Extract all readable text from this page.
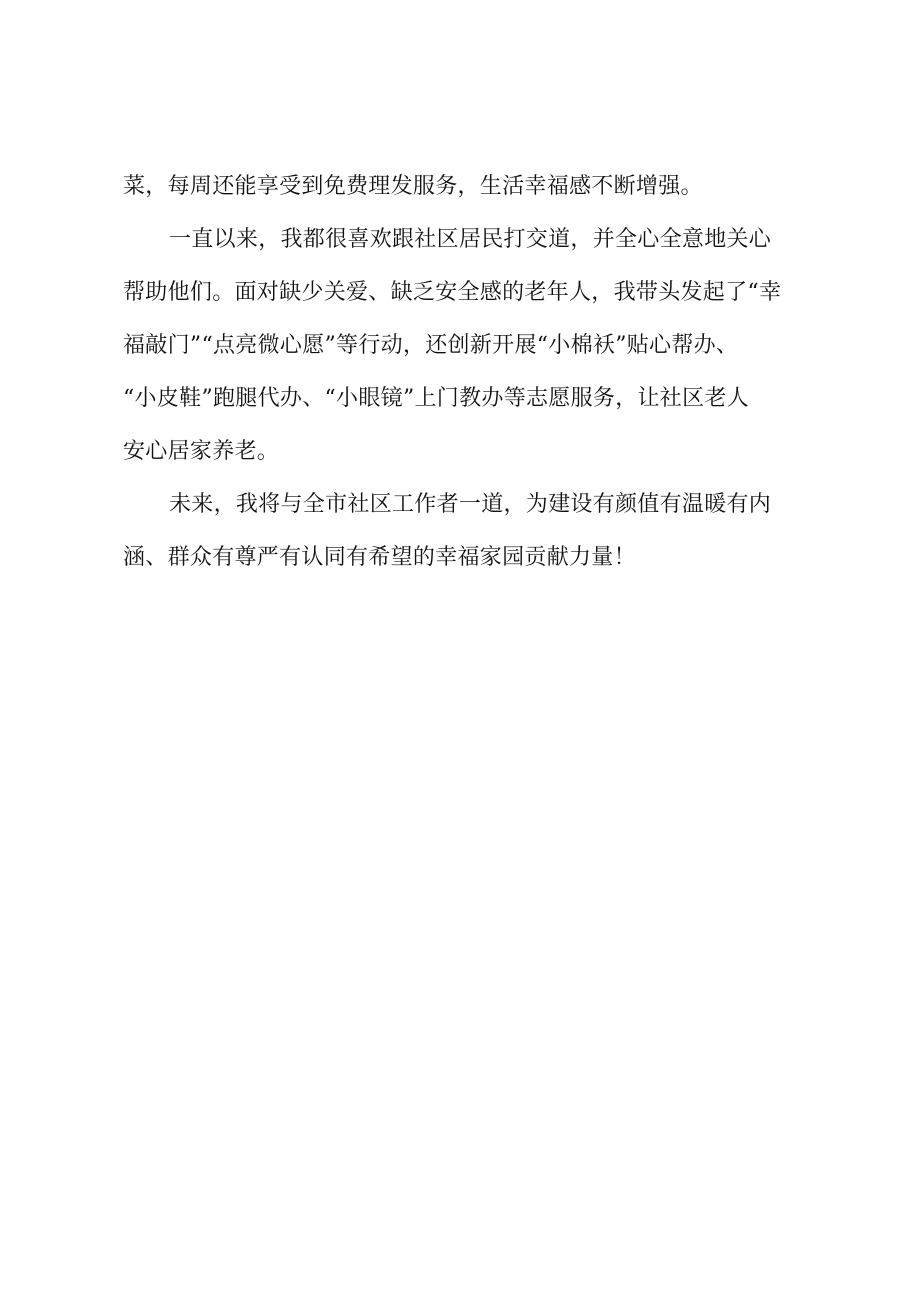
菜，每周还能享受到免费理发服务，生活幸福感不断增强。
一直以来，我都很喜欢跟社区居民打交道，并全心全意地关心
帮助他们。面对缺少关爱、缺乏安全感的老年人，我带头发起了“幸
福敲门”“点亮微心愿”等行动，还创新开展“小棉袄”贴心帮办、
“小皮鞋”跑腿代办、“小眼镜”上门教办等志愿服务，让社区老人
安心居家养老。
未来，我将与全市社区工作者一道，为建设有颜值有温暖有内
涵、群众有尊严有认同有希望的幸福家园贡献力量！
